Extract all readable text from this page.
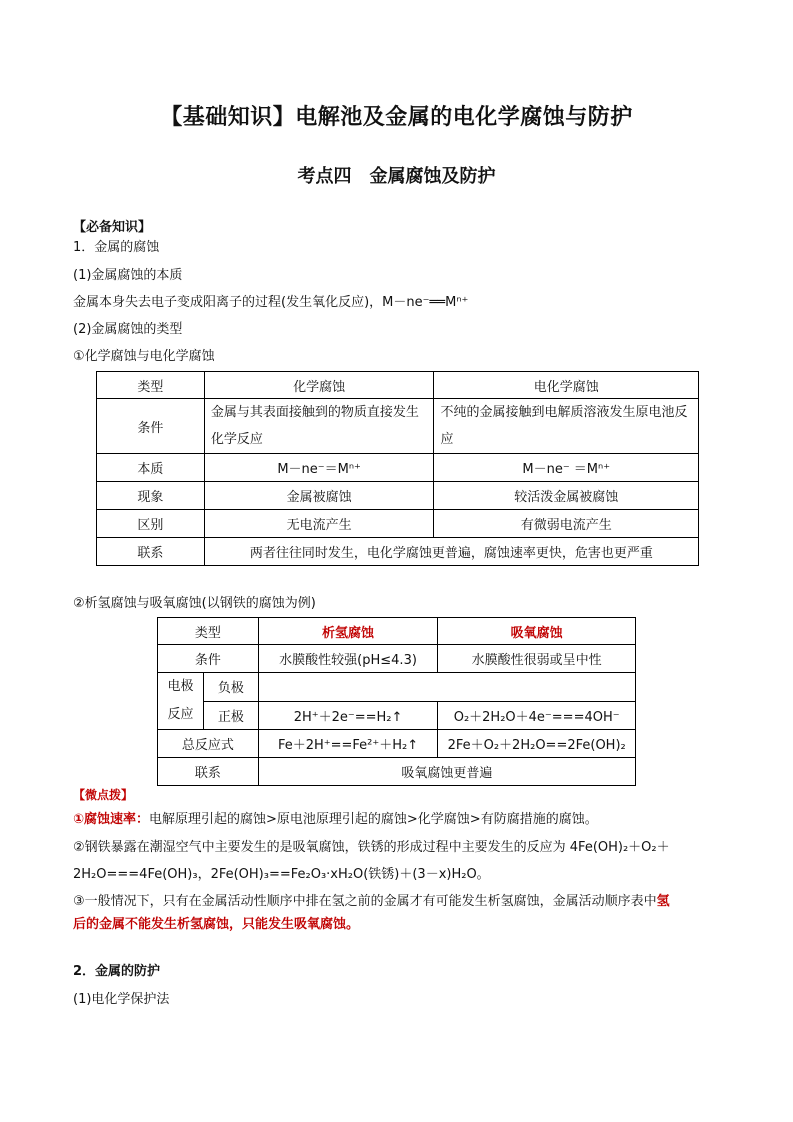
【基础知识】电解池及金属的电化学腐蚀与防护
考点四　金属腐蚀及防护
【必备知识】
1．金属的腐蚀
(1)金属腐蚀的本质
金属本身失去电子变成阳离子的过程(发生氧化反应)，M－ne⁻══Mⁿ⁺
(2)金属腐蚀的类型
①化学腐蚀与电化学腐蚀
类型	化学腐蚀	电化学腐蚀
条件	金属与其表面接触到的物质直接发生化学反应	不纯的金属接触到电解质溶液发生原电池反应
本质	M－ne⁻＝Mⁿ⁺	M－ne⁻ ＝Mⁿ⁺
现象	金属被腐蚀	较活泼金属被腐蚀
区别	无电流产生	有微弱电流产生
联系	两者往往同时发生，电化学腐蚀更普遍，腐蚀速率更快，危害也更严重	
②析氢腐蚀与吸氧腐蚀(以钢铁的腐蚀为例)
类型		析氢腐蚀	吸氧腐蚀
条件		水膜酸性较强(pH≤4.3)	水膜酸性很弱或呈中性
电极
反应	负极		
	正极	2H⁺＋2e⁻==H₂↑	O₂＋2H₂O＋4e⁻===4OH⁻
总反应式		Fe＋2H⁺==Fe²⁺＋H₂↑	2Fe＋O₂＋2H₂O==2Fe(OH)₂
联系		吸氧腐蚀更普遍	
【微点拨】
①腐蚀速率：电解原理引起的腐蚀>原电池原理引起的腐蚀>化学腐蚀>有防腐措施的腐蚀。
②钢铁暴露在潮湿空气中主要发生的是吸氧腐蚀，铁锈的形成过程中主要发生的反应为 4Fe(OH)₂＋O₂＋
2H₂O===4Fe(OH)₃，2Fe(OH)₃==Fe₂O₃·xH₂O(铁锈)＋(3－x)H₂O。
③一般情况下，只有在金属活动性顺序中排在氢之前的金属才有可能发生析氢腐蚀，金属活动顺序表中氢
后的金属不能发生析氢腐蚀，只能发生吸氧腐蚀。
2．金属的防护
(1)电化学保护法
